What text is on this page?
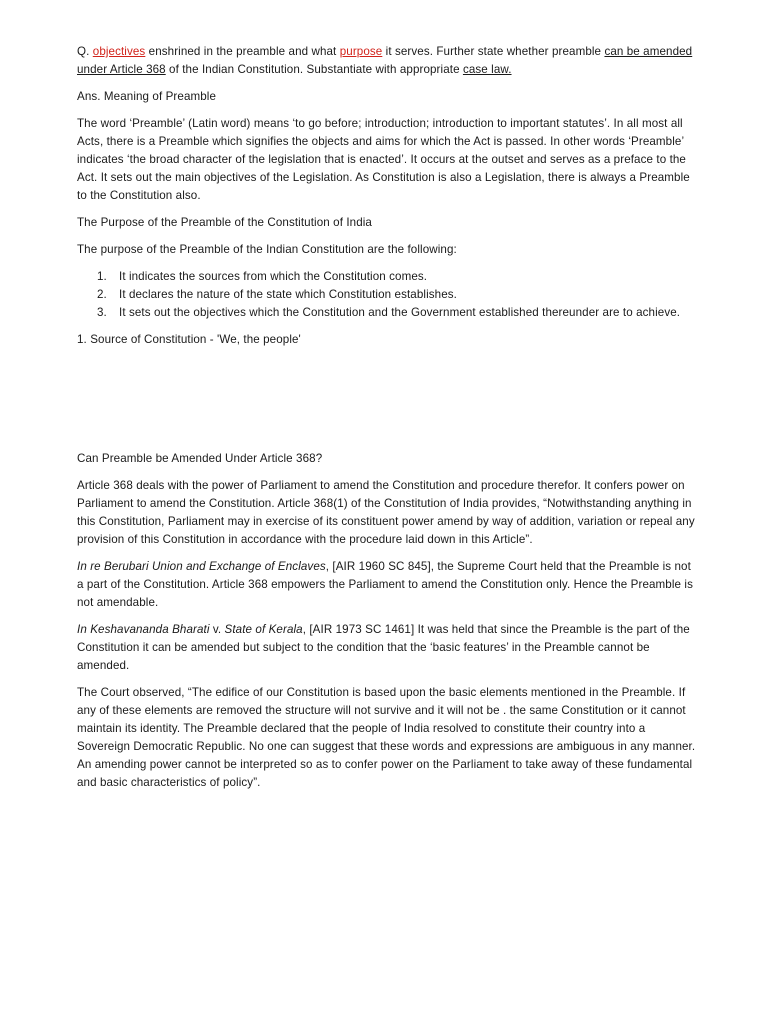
Q. objectives enshrined in the preamble and what purpose it serves. Further state whether preamble can be amended under Article 368 of the Indian Constitution. Substantiate with appropriate case law.

Ans. Meaning of Preamble

The word ‘Preamble’ (Latin word) means ‘to go before; introduction; introduction to important statutes’. In all most all Acts, there is a Preamble which signifies the objects and aims for which the Act is passed. In other words ‘Preamble’ indicates ‘the broad character of the legislation that is enacted’. It occurs at the outset and serves as a preface to the Act. It sets out the main objectives of the Legislation. As Constitution is also a Legislation, there is always a Preamble to the Constitution also.

The Purpose of the Preamble of the Constitution of India

The purpose of the Preamble of the Indian Constitution are the following:

1.	It indicates the sources from which the Constitution comes.
2.	It declares the nature of the state which Constitution establishes.
3.	It sets out the objectives which the Constitution and the Government established thereunder are to achieve.

1. Source of Constitution - 'We, the people'

Can Preamble be Amended Under Article 368?

Article 368 deals with the power of Parliament to amend the Constitution and procedure therefor. It confers power on Parliament to amend the Constitution. Article 368(1) of the Constitution of India provides, “Notwithstanding anything in this Constitution, Parliament may in exercise of its constituent power amend by way of addition, variation or repeal any provision of this Constitution in accordance with the procedure laid down in this Article”.

In re Berubari Union and Exchange of Enclaves, [AIR 1960 SC 845], the Supreme Court held that the Preamble is not a part of the Constitution. Article 368 empowers the Parliament to amend the Constitution only. Hence the Preamble is not amendable.

In Keshavananda Bharati v. State of Kerala, [AIR 1973 SC 1461] It was held that since the Preamble is the part of the Constitution it can be amended but subject to the condition that the ‘basic features’ in the Preamble cannot be amended.

The Court observed, “The edifice of our Constitution is based upon the basic elements mentioned in the Preamble. If any of these elements are removed the structure will not survive and it will not be . the same Constitution or it cannot maintain its identity. The Preamble declared that the people of India resolved to constitute their country into a Sovereign Democratic Republic. No one can suggest that these words and expressions are ambiguous in any manner. An amending power cannot be interpreted so as to confer power on the Parliament to take away of these fundamental and basic characteristics of policy”.
